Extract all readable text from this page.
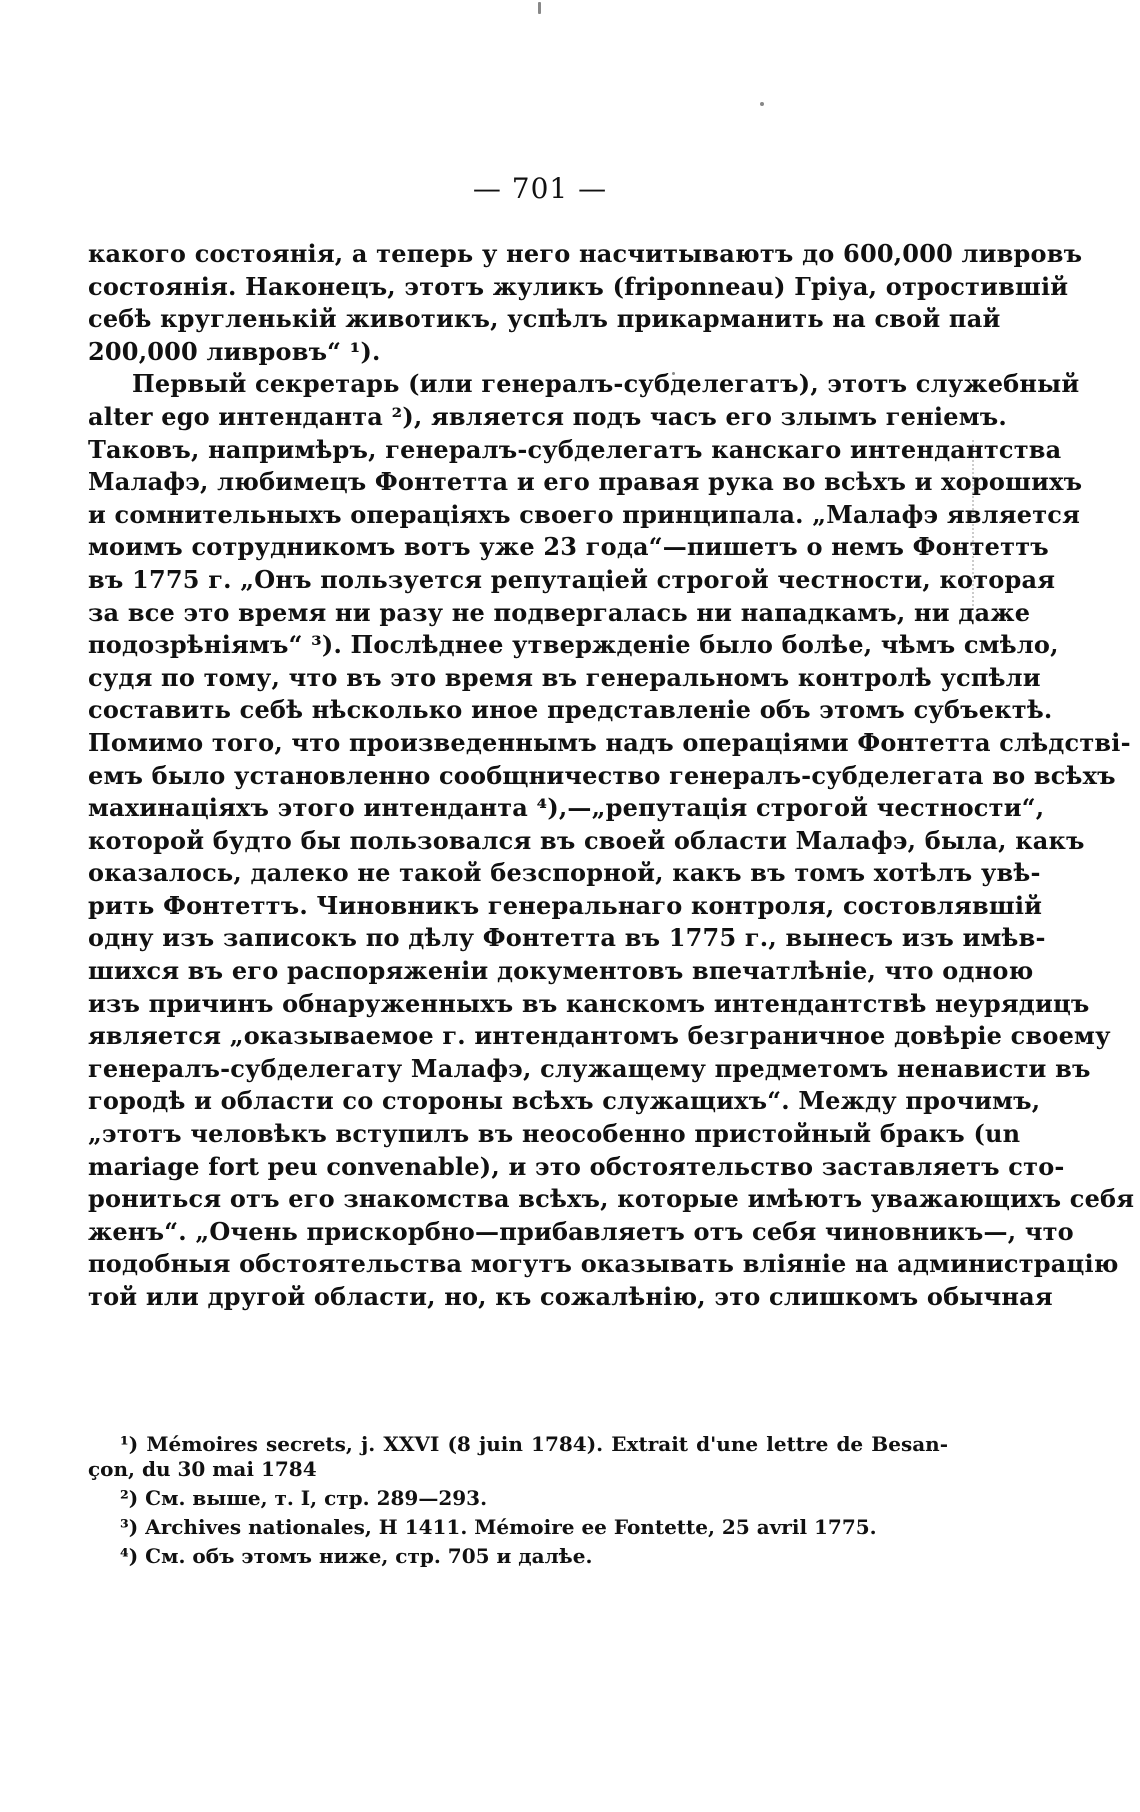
— 701 —
какого состоянія, а теперь у него насчитываютъ до 600,000 ливровъ
состоянія. Наконецъ, этотъ жуликъ (friponneau) Гріуа, отростившій
себѣ кругленькій животикъ, успѣлъ прикарманить на свой пай
200,000 ливровъ“ ¹).
Первый секретарь (или генералъ-субделегатъ), этотъ служебный
alter ego интенданта ²), является подъ часъ его злымъ геніемъ.
Таковъ, напримѣръ, генералъ-субделегатъ канскаго интендантства
Малафэ, любимецъ Фонтетта и его правая рука во всѣхъ и хорошихъ
и сомнительныхъ операціяхъ своего принципала. „Малафэ является
моимъ сотрудникомъ вотъ уже 23 года“—пишетъ о немъ Фонтеттъ
въ 1775 г. „Онъ пользуется репутаціей строгой честности, которая
за все это время ни разу не подвергалась ни нападкамъ, ни даже
подозрѣніямъ“ ³). Послѣднее утвержденіе было болѣе, чѣмъ смѣло,
судя по тому, что въ это время въ генеральномъ контролѣ успѣли
составить себѣ нѣсколько иное представленіе объ этомъ субъектѣ.
Помимо того, что произведеннымъ надъ операціями Фонтетта слѣдстві-
емъ было установленно сообщничество генералъ-субделегата во всѣхъ
махинаціяхъ этого интенданта ⁴),—„репутація строгой честности“,
которой будто бы пользовался въ своей области Малафэ, была, какъ
оказалось, далеко не такой безспорной, какъ въ томъ хотѣлъ увѣ-
рить Фонтеттъ. Чиновникъ генеральнаго контроля, состовлявшій
одну изъ записокъ по дѣлу Фонтетта въ 1775 г., вынесъ изъ имѣв-
шихся въ его распоряженіи документовъ впечатлѣніе, что одною
изъ причинъ обнаруженныхъ въ канскомъ интендантствѣ неурядицъ
является „оказываемое г. интендантомъ безграничное довѣріе своему
генералъ-субделегату Малафэ, служащему предметомъ ненависти въ
городѣ и области со стороны всѣхъ служащихъ“. Между прочимъ,
„этотъ человѣкъ вступилъ въ неособенно пристойный бракъ (un
mariage fort peu convenable), и это обстоятельство заставляетъ сто-
рониться отъ его знакомства всѣхъ, которые имѣютъ уважающихъ себя
женъ“. „Очень прискорбно—прибавляетъ отъ себя чиновникъ—, что
подобныя обстоятельства могутъ оказывать вліяніе на администрацію
той или другой области, но, къ сожалѣнію, это слишкомъ обычная
¹) Mémoires secrets, j. XXVI (8 juin 1784). Extrait d'une lettre de Besan-
çon, du 30 mai 1784
²) См. выше, т. I, стр. 289—293.
³) Archives nationales, H 1411. Mémoire ee Fontette, 25 avril 1775.
⁴) См. объ этомъ ниже, стр. 705 и далѣе.
